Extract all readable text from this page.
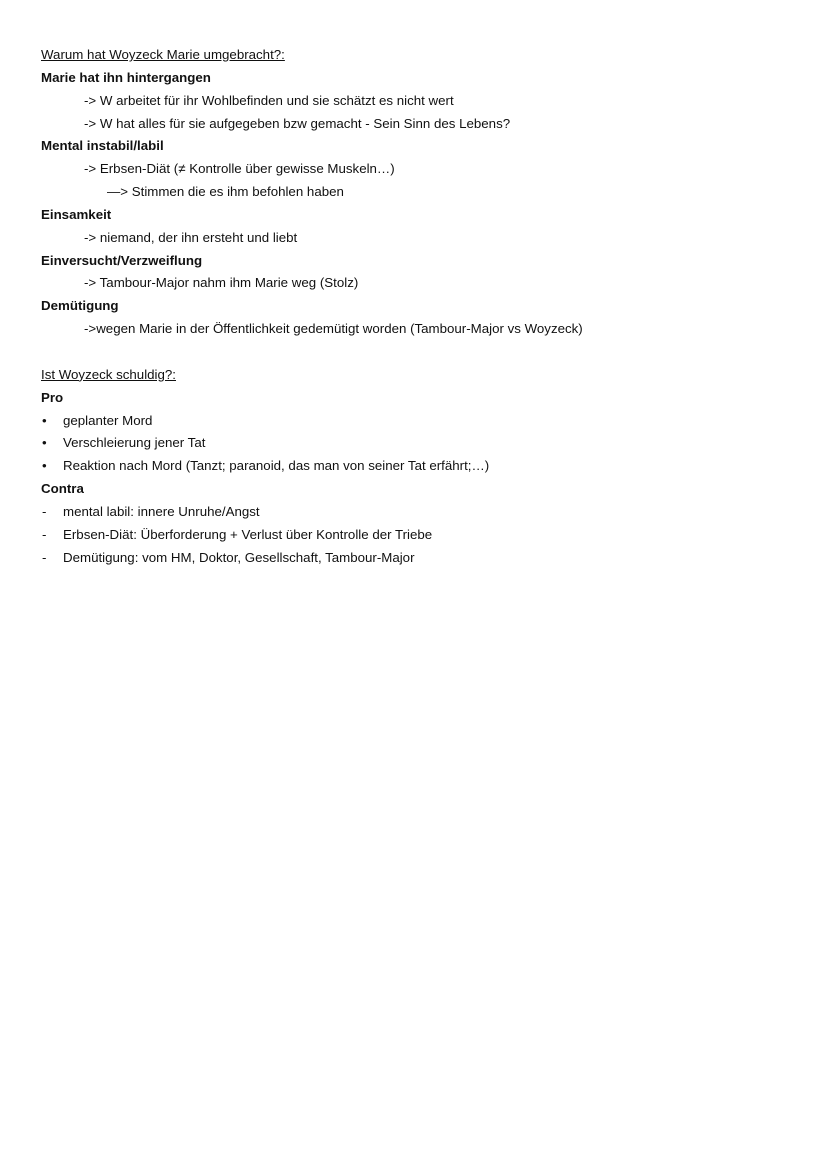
Warum hat Woyzeck Marie umgebracht?:
Marie hat ihn hintergangen
-> W arbeitet für ihr Wohlbefinden und sie schätzt es nicht wert
-> W hat alles für sie aufgegeben bzw gemacht - Sein Sinn des Lebens?
Mental instabil/labil
-> Erbsen-Diät (≠ Kontrolle über gewisse Muskeln…)
—> Stimmen die es ihm befohlen haben
Einsamkeit
-> niemand, der ihn ersteht und liebt
Einversucht/Verzweiflung
-> Tambour-Major nahm ihm Marie weg (Stolz)
Demütigung
->wegen Marie in der Öffentlichkeit gedemütigt worden (Tambour-Major vs Woyzeck)
Ist Woyzeck schuldig?:
Pro
• geplanter Mord
• Verschleierung jener Tat
• Reaktion nach Mord (Tanzt; paranoid, das man von seiner Tat erfährt;…)
Contra
- mental labil: innere Unruhe/Angst
- Erbsen-Diät: Überforderung + Verlust über Kontrolle der Triebe
- Demütigung: vom HM, Doktor, Gesellschaft, Tambour-Major
